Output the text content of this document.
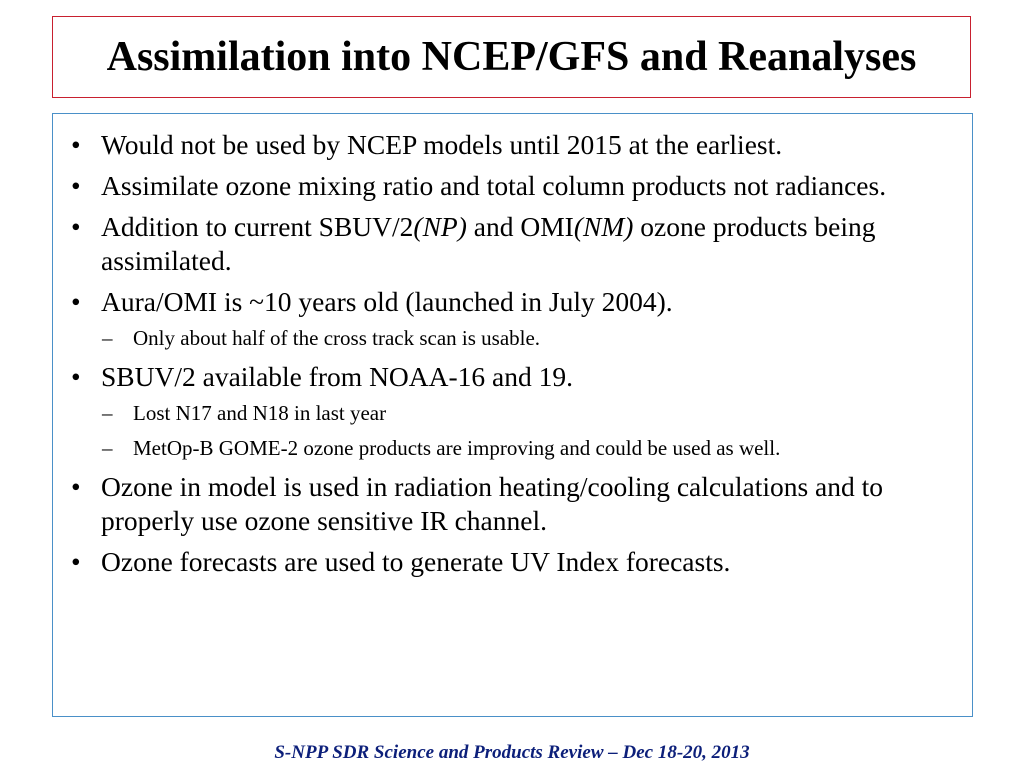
Assimilation into NCEP/GFS and Reanalyses
• Would not be used by NCEP models until 2015 at the earliest.
• Assimilate ozone mixing ratio and total column products not radiances.
• Addition to current SBUV/2(NP) and OMI(NM) ozone products being assimilated.
• Aura/OMI is ~10 years old (launched in July 2004).
– Only about half of the cross track scan is usable.
• SBUV/2 available from NOAA-16 and 19.
– Lost N17 and N18 in last year
– MetOp-B GOME-2 ozone products are improving and could be used as well.
• Ozone in model is used in radiation heating/cooling calculations and to properly use ozone sensitive IR channel.
• Ozone forecasts are used to generate UV Index forecasts.
S-NPP SDR Science and Products Review – Dec 18-20, 2013
